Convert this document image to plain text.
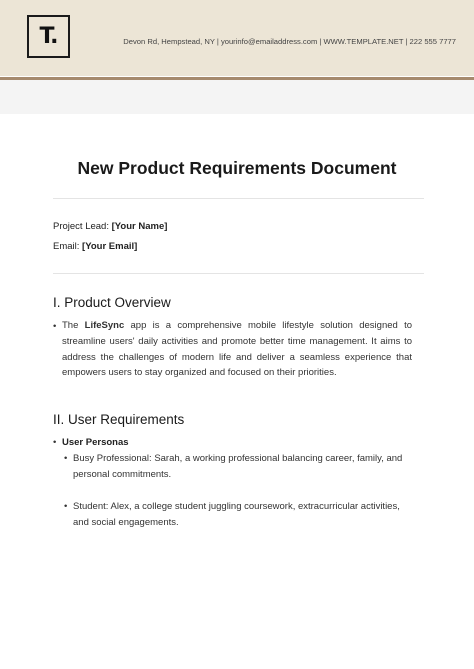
T.	Devon Rd, Hempstead, NY | yourinfo@emailaddress.com | WWW.TEMPLATE.NET | 222 555 7777
New Product Requirements Document
Project Lead: [Your Name]
Email: [Your Email]
I. Product Overview
• The LifeSync app is a comprehensive mobile lifestyle solution designed to streamline users' daily activities and promote better time management. It aims to address the challenges of modern life and deliver a seamless experience that empowers users to stay organized and focused on their priorities.
II. User Requirements
• User Personas
• Busy Professional: Sarah, a working professional balancing career, family, and personal commitments.
• Student: Alex, a college student juggling coursework, extracurricular activities, and social engagements.
